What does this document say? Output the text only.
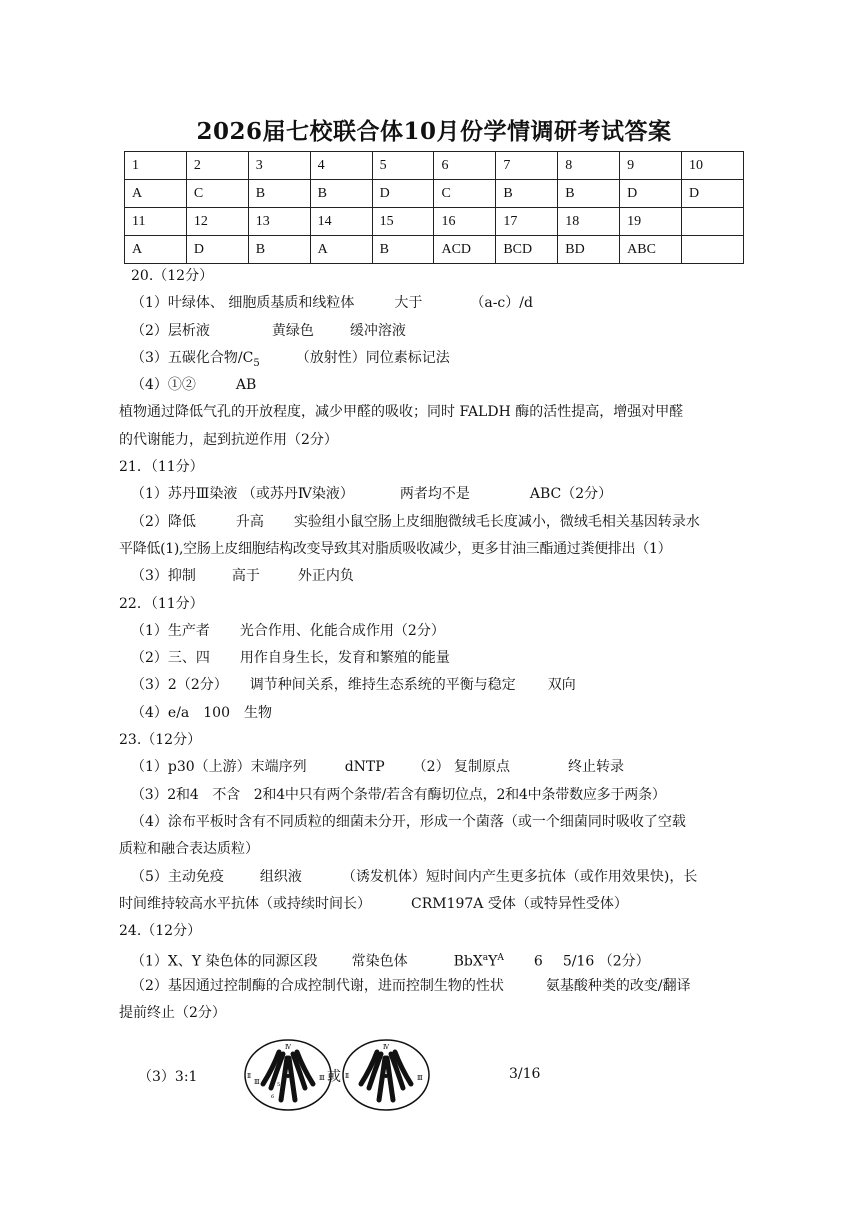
2026届七校联合体10月份学情调研考试答案
1	2	3	4	5	6	7	8	9	10
A	C	B	B	D	C	B	B	D	D
11	12	13	14	15	16	17	18	19	
A	D	B	A	B	ACD	BCD	BD	ABC	
20.（12分）
（1）叶绿体、 细胞质基质和线粒体	大于	（a-c）/d
（2）层析液	黄绿色	缓冲溶液
（3）五碳化合物$/C_5$	（放射性）同位素标记法
（4）①②	AB
植物通过降低气孔的开放程度，减少甲醛的吸收；同时 FALDH 酶的活性提高，增强对甲醛
的代谢能力，起到抗逆作用（2分）
21．（11分）
（1）苏丹Ⅲ染液 （或苏丹Ⅳ染液）	两者均不是	ABC（2分）
（2）降低	升高 实验组小鼠空肠上皮细胞微绒毛长度减小，微绒毛相关基因转录水
平降低(1),空肠上皮细胞结构改变导致其对脂质吸收减少，更多甘油三酯通过粪便排出（1）
（3）抑制	高于	外正内负
22．（11分）
（1）生产者 光合作用、化能合成作用（2分）
（2）三、四 用作自身生长，发育和繁殖的能量
（3）2（2分） 调节种间关系，维持生态系统的平衡与稳定 双向
（4）e/a 100 生物
23.（12分）
（1）p30（上游）末端序列	dNTP （2） 复制原点	终止转录
（3）2和4　不含　2和4中只有两个条带/若含有酶切位点，2和4中条带数应多于两条）
（4）涂布平板时含有不同质粒的细菌未分开，形成一个菌落（或一个细菌同时吸收了空载
质粒和融合表达质粒）
（5）主动免疫	组织液	（诱发机体）短时间内产生更多抗体（或作用效果快)，长
时间维持较高水平抗体（或持续时间长）	CRM197A 受体（或特异性受体）
24.（12分）
（1）X、Y 染色体的同源区段 常染色体	$BbX^aY^A$ 6 5/16 （2分）
（2）基因通过控制酶的合成控制代谢，进而控制生物的性状　　　氨基酸种类的改变/翻译
提前终止（2分）
（3）3:1
Ⅳ
Ⅱ
Ⅲ
Ⅲ
5
6
或
Ⅳ
Ⅱ	Ⅲ
6
3/16
